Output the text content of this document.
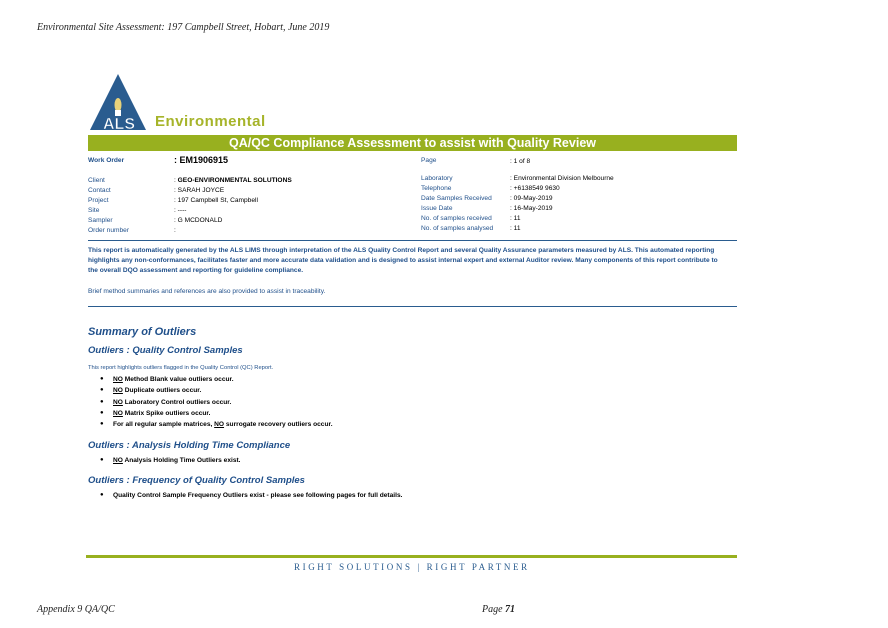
Environmental Site Assessment: 197 Campbell Street, Hobart, June 2019
ALS Environmental
QA/QC Compliance Assessment to assist with Quality Review
Work Order	: EM1906915
Client	: GEO-ENVIRONMENTAL SOLUTIONS
Contact	: SARAH JOYCE
Project	: 197 Campbell St, Campbell
Site	: ----
Sampler	: G MCDONALD
Order number	:
Page	: 1 of 8
Laboratory	: Environmental Division Melbourne
Telephone	: +6138549 9630
Date Samples Received	: 09-May-2019
Issue Date	: 16-May-2019
No. of samples received	: 11
No. of samples analysed	: 11
This report is automatically generated by the ALS LIMS through interpretation of the ALS Quality Control Report and several Quality Assurance parameters measured by ALS. This automated reporting highlights any non-conformances, facilitates faster and more accurate data validation and is designed to assist internal expert and external Auditor review. Many components of this report contribute to the overall DQO assessment and reporting for guideline compliance.
Brief method summaries and references are also provided to assist in traceability.
Summary of Outliers
Outliers : Quality Control Samples
This report highlights outliers flagged in the Quality Control (QC) Report.
● NO Method Blank value outliers occur.
● NO Duplicate outliers occur.
● NO Laboratory Control outliers occur.
● NO Matrix Spike outliers occur.
● For all regular sample matrices, NO surrogate recovery outliers occur.
Outliers : Analysis Holding Time Compliance
● NO Analysis Holding Time Outliers exist.
Outliers : Frequency of Quality Control Samples
● Quality Control Sample Frequency Outliers exist - please see following pages for full details.
RIGHT SOLUTIONS | RIGHT PARTNER
Appendix 9 QA/QC	Page 71
